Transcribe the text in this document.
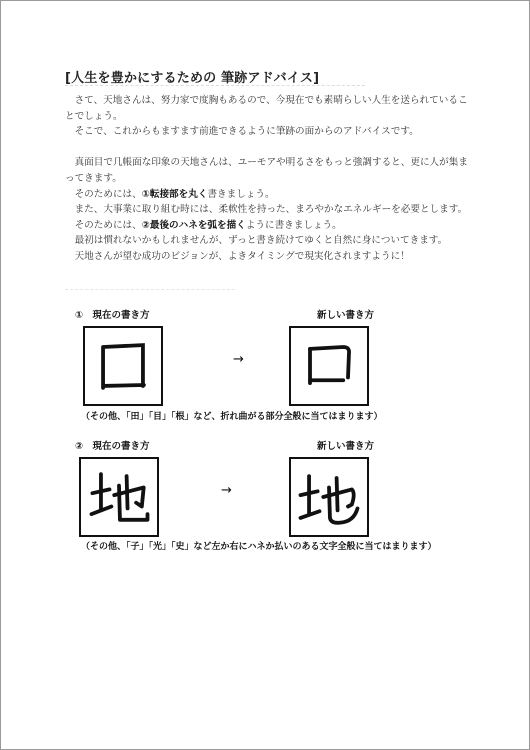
[人生を豊かにするための 筆跡アドバイス]

さて、天地さんは、努力家で度胸もあるので、今現在でも素晴らしい人生を送られていることでしょう。

そこで、これからもますます前進できるように筆跡の面からのアドバイスです。

真面目で几帳面な印象の天地さんは、ユーモアや明るさをもっと強調すると、更に人が集まってきます。

そのためには、①転接部を丸く書きましょう。

また、大事業に取り組む時には、柔軟性を持った、まろやかなエネルギーを必要とします。

そのためには、②最後のハネを弧を描くように書きましょう。

最初は慣れないかもしれませんが、ずっと書き続けてゆくと自然に身についてきます。

天地さんが望む成功のビジョンが、よきタイミングで現実化されますように！

①　現在の書き方	新しい書き方
→
（その他、「田」「目」「根」など、折れ曲がる部分全般に当てはまります）
②　現在の書き方	新しい書き方
→
（その他、「子」「光」「史」など左か右にハネか払いのある文字全般に当てはまります）
